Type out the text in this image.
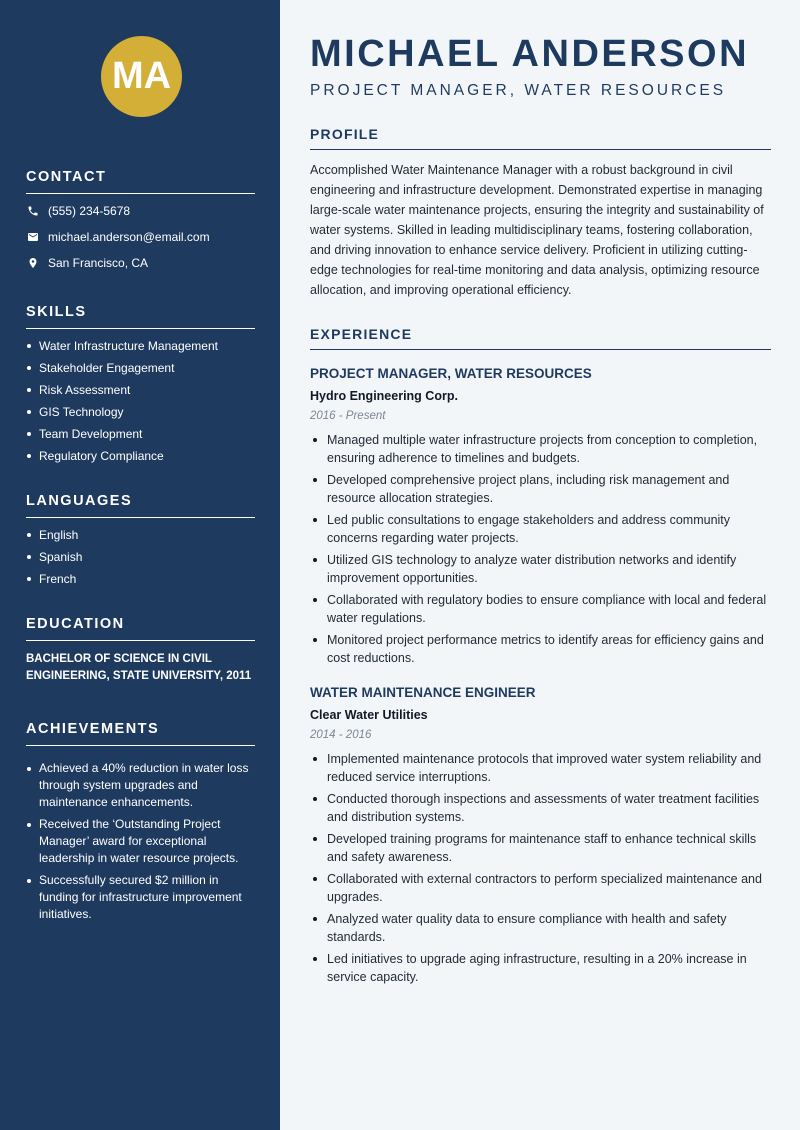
MA
CONTACT
(555) 234-5678
michael.anderson@email.com
San Francisco, CA
SKILLS
Water Infrastructure Management
Stakeholder Engagement
Risk Assessment
GIS Technology
Team Development
Regulatory Compliance
LANGUAGES
English
Spanish
French
EDUCATION

BACHELOR OF SCIENCE IN CIVIL ENGINEERING, STATE UNIVERSITY, 2011

ACHIEVEMENTS
Achieved a 40% reduction in water loss through system upgrades and maintenance enhancements.
Received the ‘Outstanding Project Manager’ award for exceptional leadership in water resource projects.
Successfully secured $2 million in funding for infrastructure improvement initiatives.
MICHAEL ANDERSON
PROJECT MANAGER, WATER RESOURCES
PROFILE

Accomplished Water Maintenance Manager with a robust background in civil engineering and infrastructure development. Demonstrated expertise in managing large-scale water maintenance projects, ensuring the integrity and sustainability of water systems. Skilled in leading multidisciplinary teams, fostering collaboration, and driving innovation to enhance service delivery. Proficient in utilizing cutting-edge technologies for real-time monitoring and data analysis, optimizing resource allocation, and improving operational efficiency.

EXPERIENCE
PROJECT MANAGER, WATER RESOURCES
Hydro Engineering Corp.
2016 - Present
Managed multiple water infrastructure projects from conception to completion, ensuring adherence to timelines and budgets.
Developed comprehensive project plans, including risk management and resource allocation strategies.
Led public consultations to engage stakeholders and address community concerns regarding water projects.
Utilized GIS technology to analyze water distribution networks and identify improvement opportunities.
Collaborated with regulatory bodies to ensure compliance with local and federal water regulations.
Monitored project performance metrics to identify areas for efficiency gains and cost reductions.
WATER MAINTENANCE ENGINEER
Clear Water Utilities
2014 - 2016
Implemented maintenance protocols that improved water system reliability and reduced service interruptions.
Conducted thorough inspections and assessments of water treatment facilities and distribution systems.
Developed training programs for maintenance staff to enhance technical skills and safety awareness.
Collaborated with external contractors to perform specialized maintenance and upgrades.
Analyzed water quality data to ensure compliance with health and safety standards.
Led initiatives to upgrade aging infrastructure, resulting in a 20% increase in service capacity.
